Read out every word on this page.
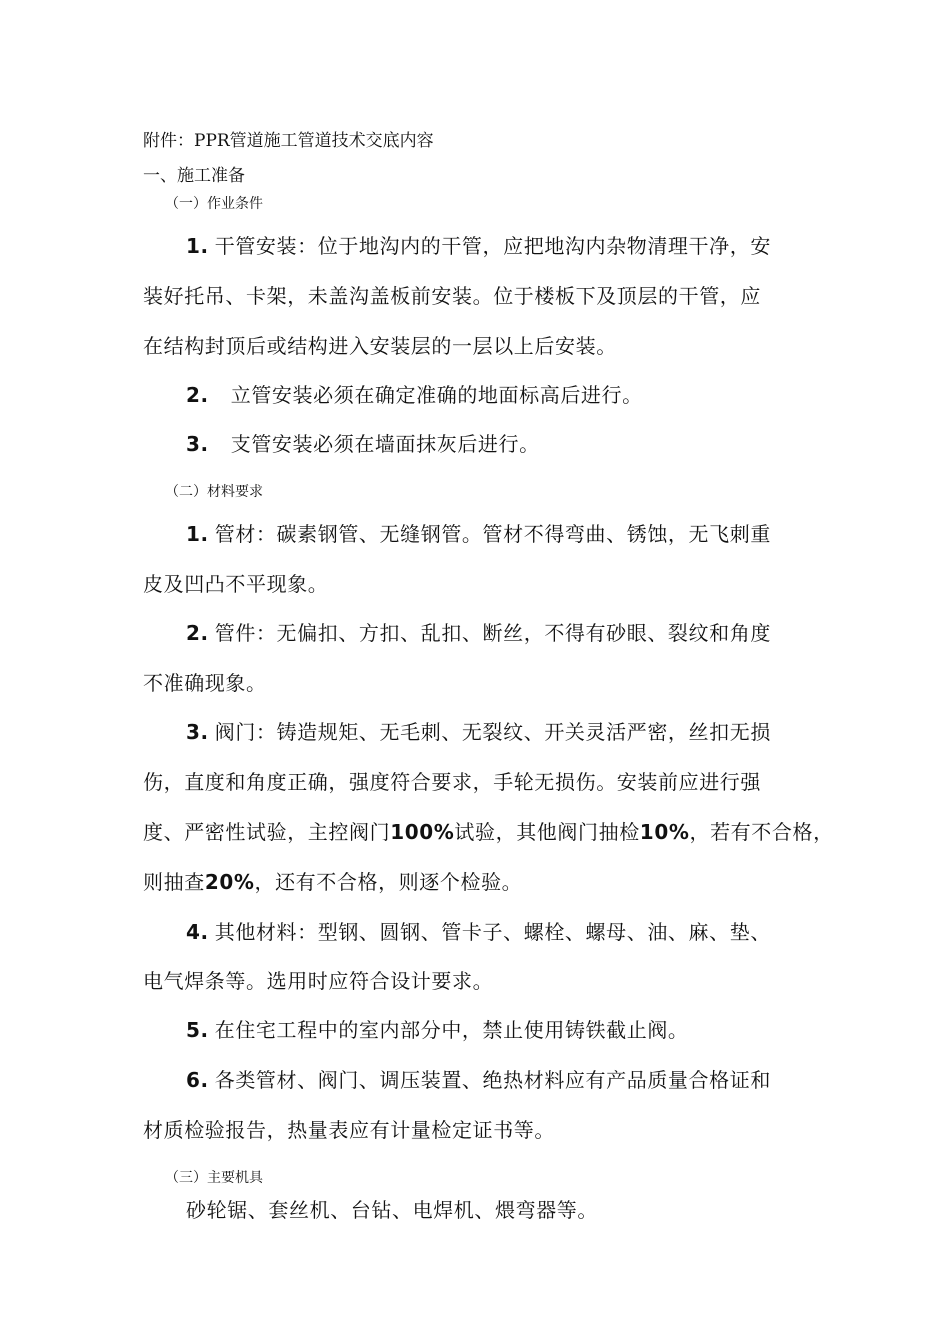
附件：PPR管道施工管道技术交底内容

一、施工准备

（一）作业条件

1. 干管安装：位于地沟内的干管，应把地沟内杂物清理干净，安

装好托吊、卡架，未盖沟盖板前安装。位于楼板下及顶层的干管，应

在结构封顶后或结构进入安装层的一层以上后安装。

2. 立管安装必须在确定准确的地面标高后进行。

3. 支管安装必须在墙面抹灰后进行。

（二）材料要求

1. 管材：碳素钢管、无缝钢管。管材不得弯曲、锈蚀，无飞刺重

皮及凹凸不平现象。

2. 管件：无偏扣、方扣、乱扣、断丝，不得有砂眼、裂纹和角度

不准确现象。

3. 阀门：铸造规矩、无毛刺、无裂纹、开关灵活严密，丝扣无损

伤，直度和角度正确，强度符合要求，手轮无损伤。安装前应进行强

度、严密性试验，主控阀门100%试验，其他阀门抽检10%，若有不合格，

则抽查20%，还有不合格，则逐个检验。

4. 其他材料：型钢、圆钢、管卡子、螺栓、螺母、油、麻、垫、

电气焊条等。选用时应符合设计要求。

5. 在住宅工程中的室内部分中，禁止使用铸铁截止阀。

6. 各类管材、阀门、调压装置、绝热材料应有产品质量合格证和

材质检验报告，热量表应有计量检定证书等。

（三）主要机具

砂轮锯、套丝机、台钻、电焊机、煨弯器等。
